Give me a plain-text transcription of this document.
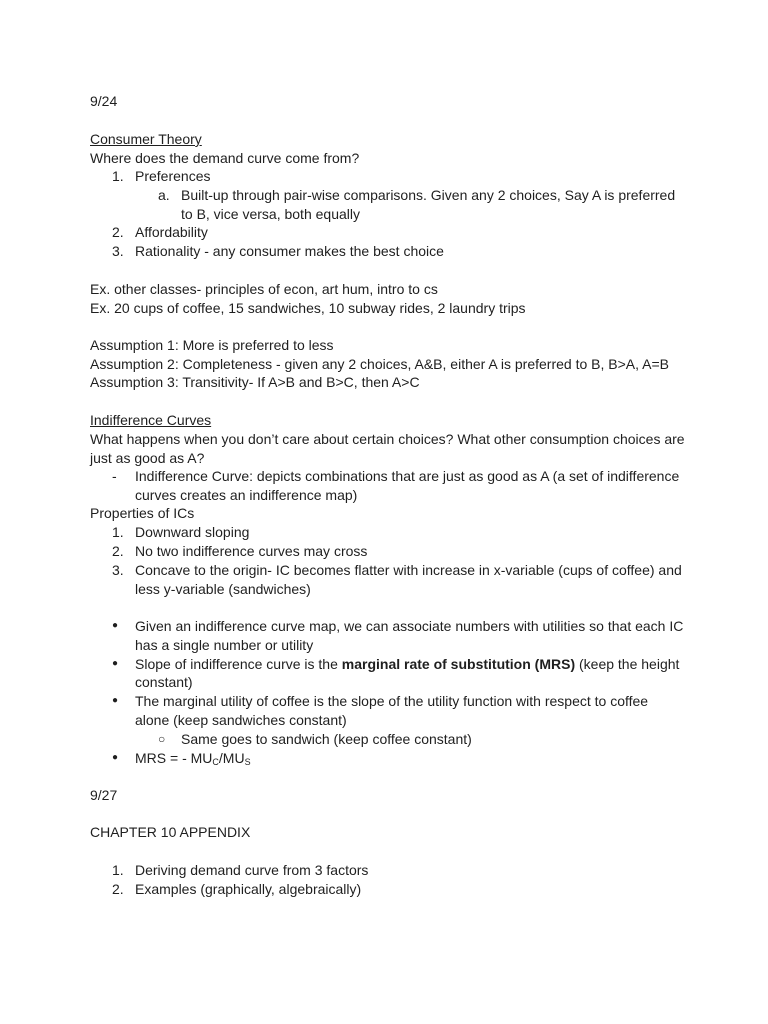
9/24
Consumer Theory
Where does the demand curve come from?
1. Preferences
a. Built-up through pair-wise comparisons. Given any 2 choices, Say A is preferred
to B, vice versa, both equally
2. Affordability
3. Rationality - any consumer makes the best choice
Ex. other classes- principles of econ, art hum, intro to cs
Ex. 20 cups of coffee, 15 sandwiches, 10 subway rides, 2 laundry trips
Assumption 1: More is preferred to less
Assumption 2: Completeness - given any 2 choices, A&B, either A is preferred to B, B>A, A=B
Assumption 3: Transitivity- If A>B and B>C, then A>C
Indifference Curves
What happens when you don’t care about certain choices? What other consumption choices are
just as good as A?
- Indifference Curve: depicts combinations that are just as good as A (a set of indifference
curves creates an indifference map)
Properties of ICs
1. Downward sloping
2. No two indifference curves may cross
3. Concave to the origin- IC becomes flatter with increase in x-variable (cups of coffee) and
less y-variable (sandwiches)
● Given an indifference curve map, we can associate numbers with utilities so that each IC
has a single number or utility
● Slope of indifference curve is the marginal rate of substitution (MRS) (keep the height
constant)
● The marginal utility of coffee is the slope of the utility function with respect to coffee
alone (keep sandwiches constant)
○ Same goes to sandwich (keep coffee constant)
● MRS = - $MU_C/MU_S$
9/27
CHAPTER 10 APPENDIX
1. Deriving demand curve from 3 factors
2. Examples (graphically, algebraically)
